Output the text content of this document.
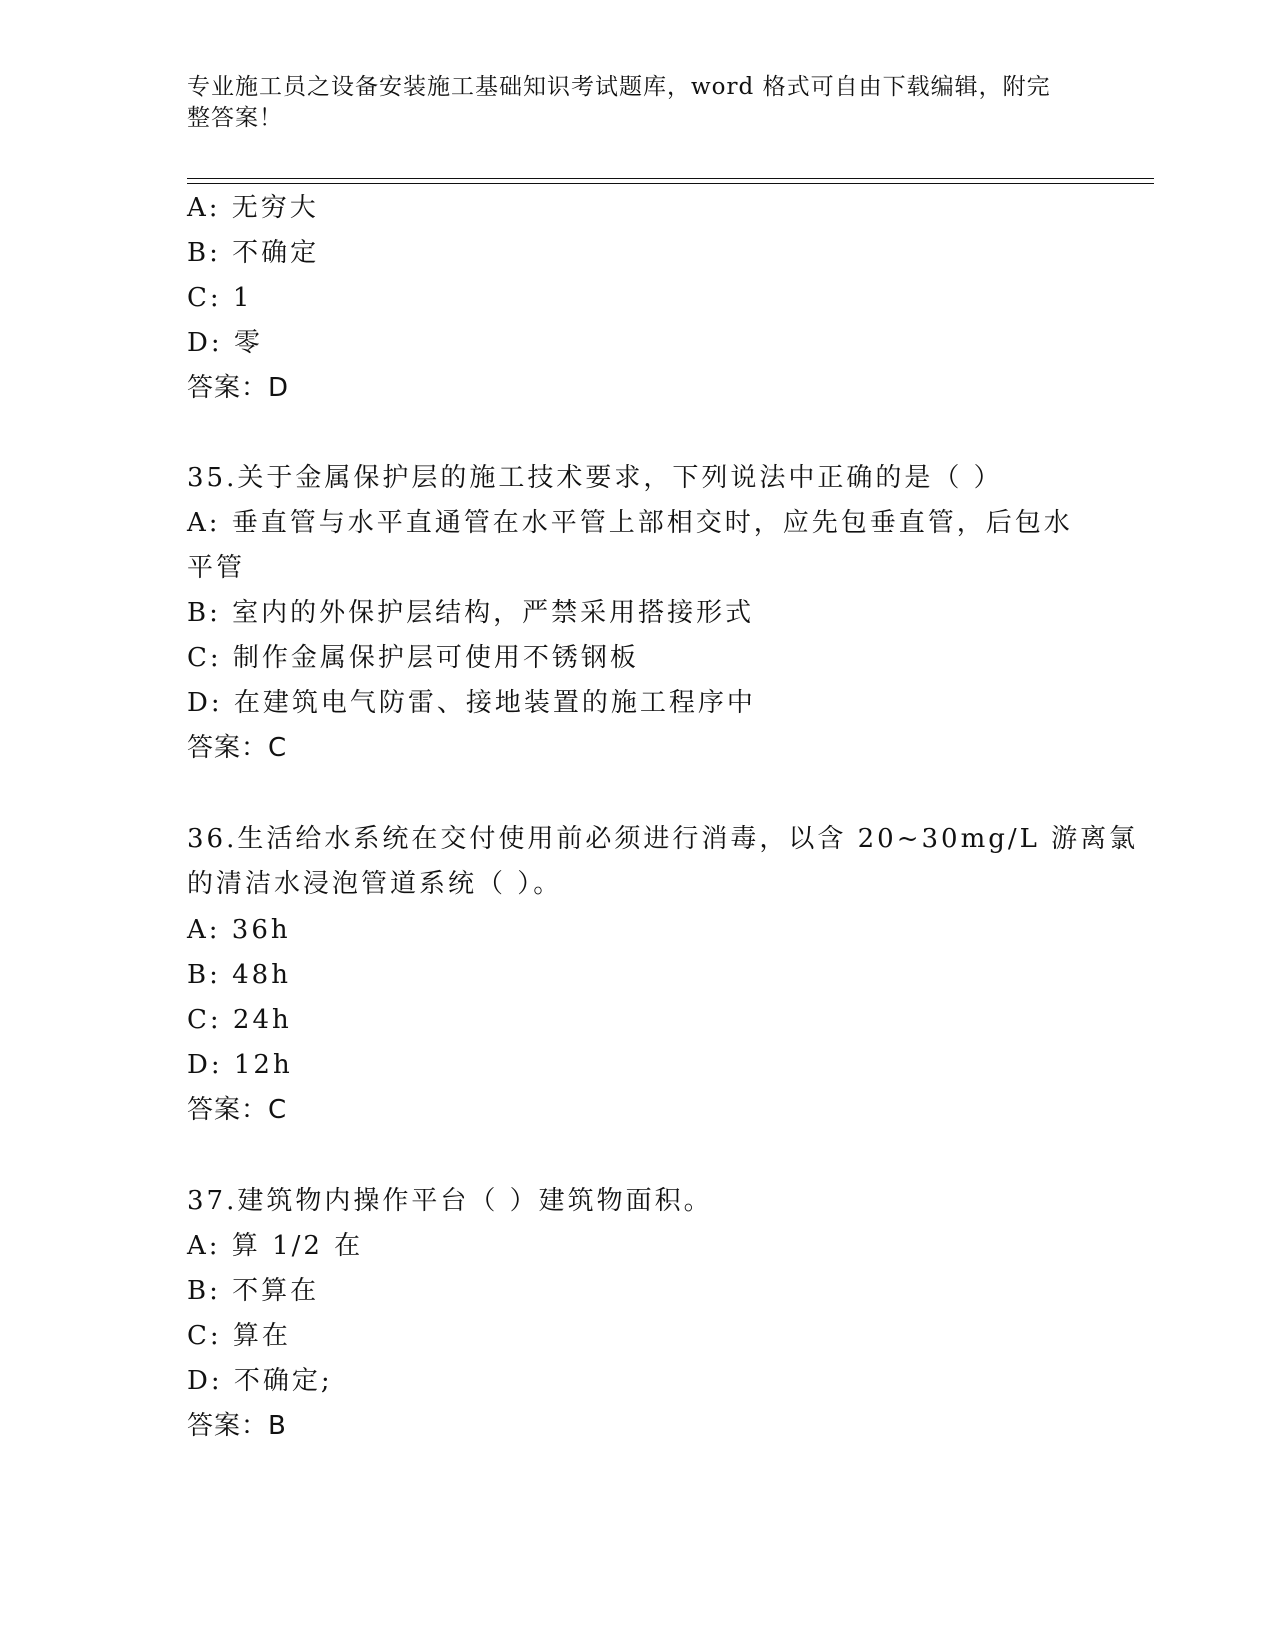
专业施工员之设备安装施工基础知识考试题库，word 格式可自由下载编辑，附完
整答案！
A: 无穷大
B: 不确定
C: 1
D: 零
答案：D
35.关于金属保护层的施工技术要求，下列说法中正确的是（ ）
A: 垂直管与水平直通管在水平管上部相交时，应先包垂直管，后包水
平管
B: 室内的外保护层结构，严禁采用搭接形式
C: 制作金属保护层可使用不锈钢板
D: 在建筑电气防雷、接地装置的施工程序中
答案：C
36.生活给水系统在交付使用前必须进行消毒，以含 20~30mg/L 游离氯
的清洁水浸泡管道系统（ ）。
A: 36h
B: 48h
C: 24h
D: 12h
答案：C
37.建筑物内操作平台（ ）建筑物面积。
A: 算 1/2 在
B: 不算在
C: 算在
D: 不确定;
答案：B
